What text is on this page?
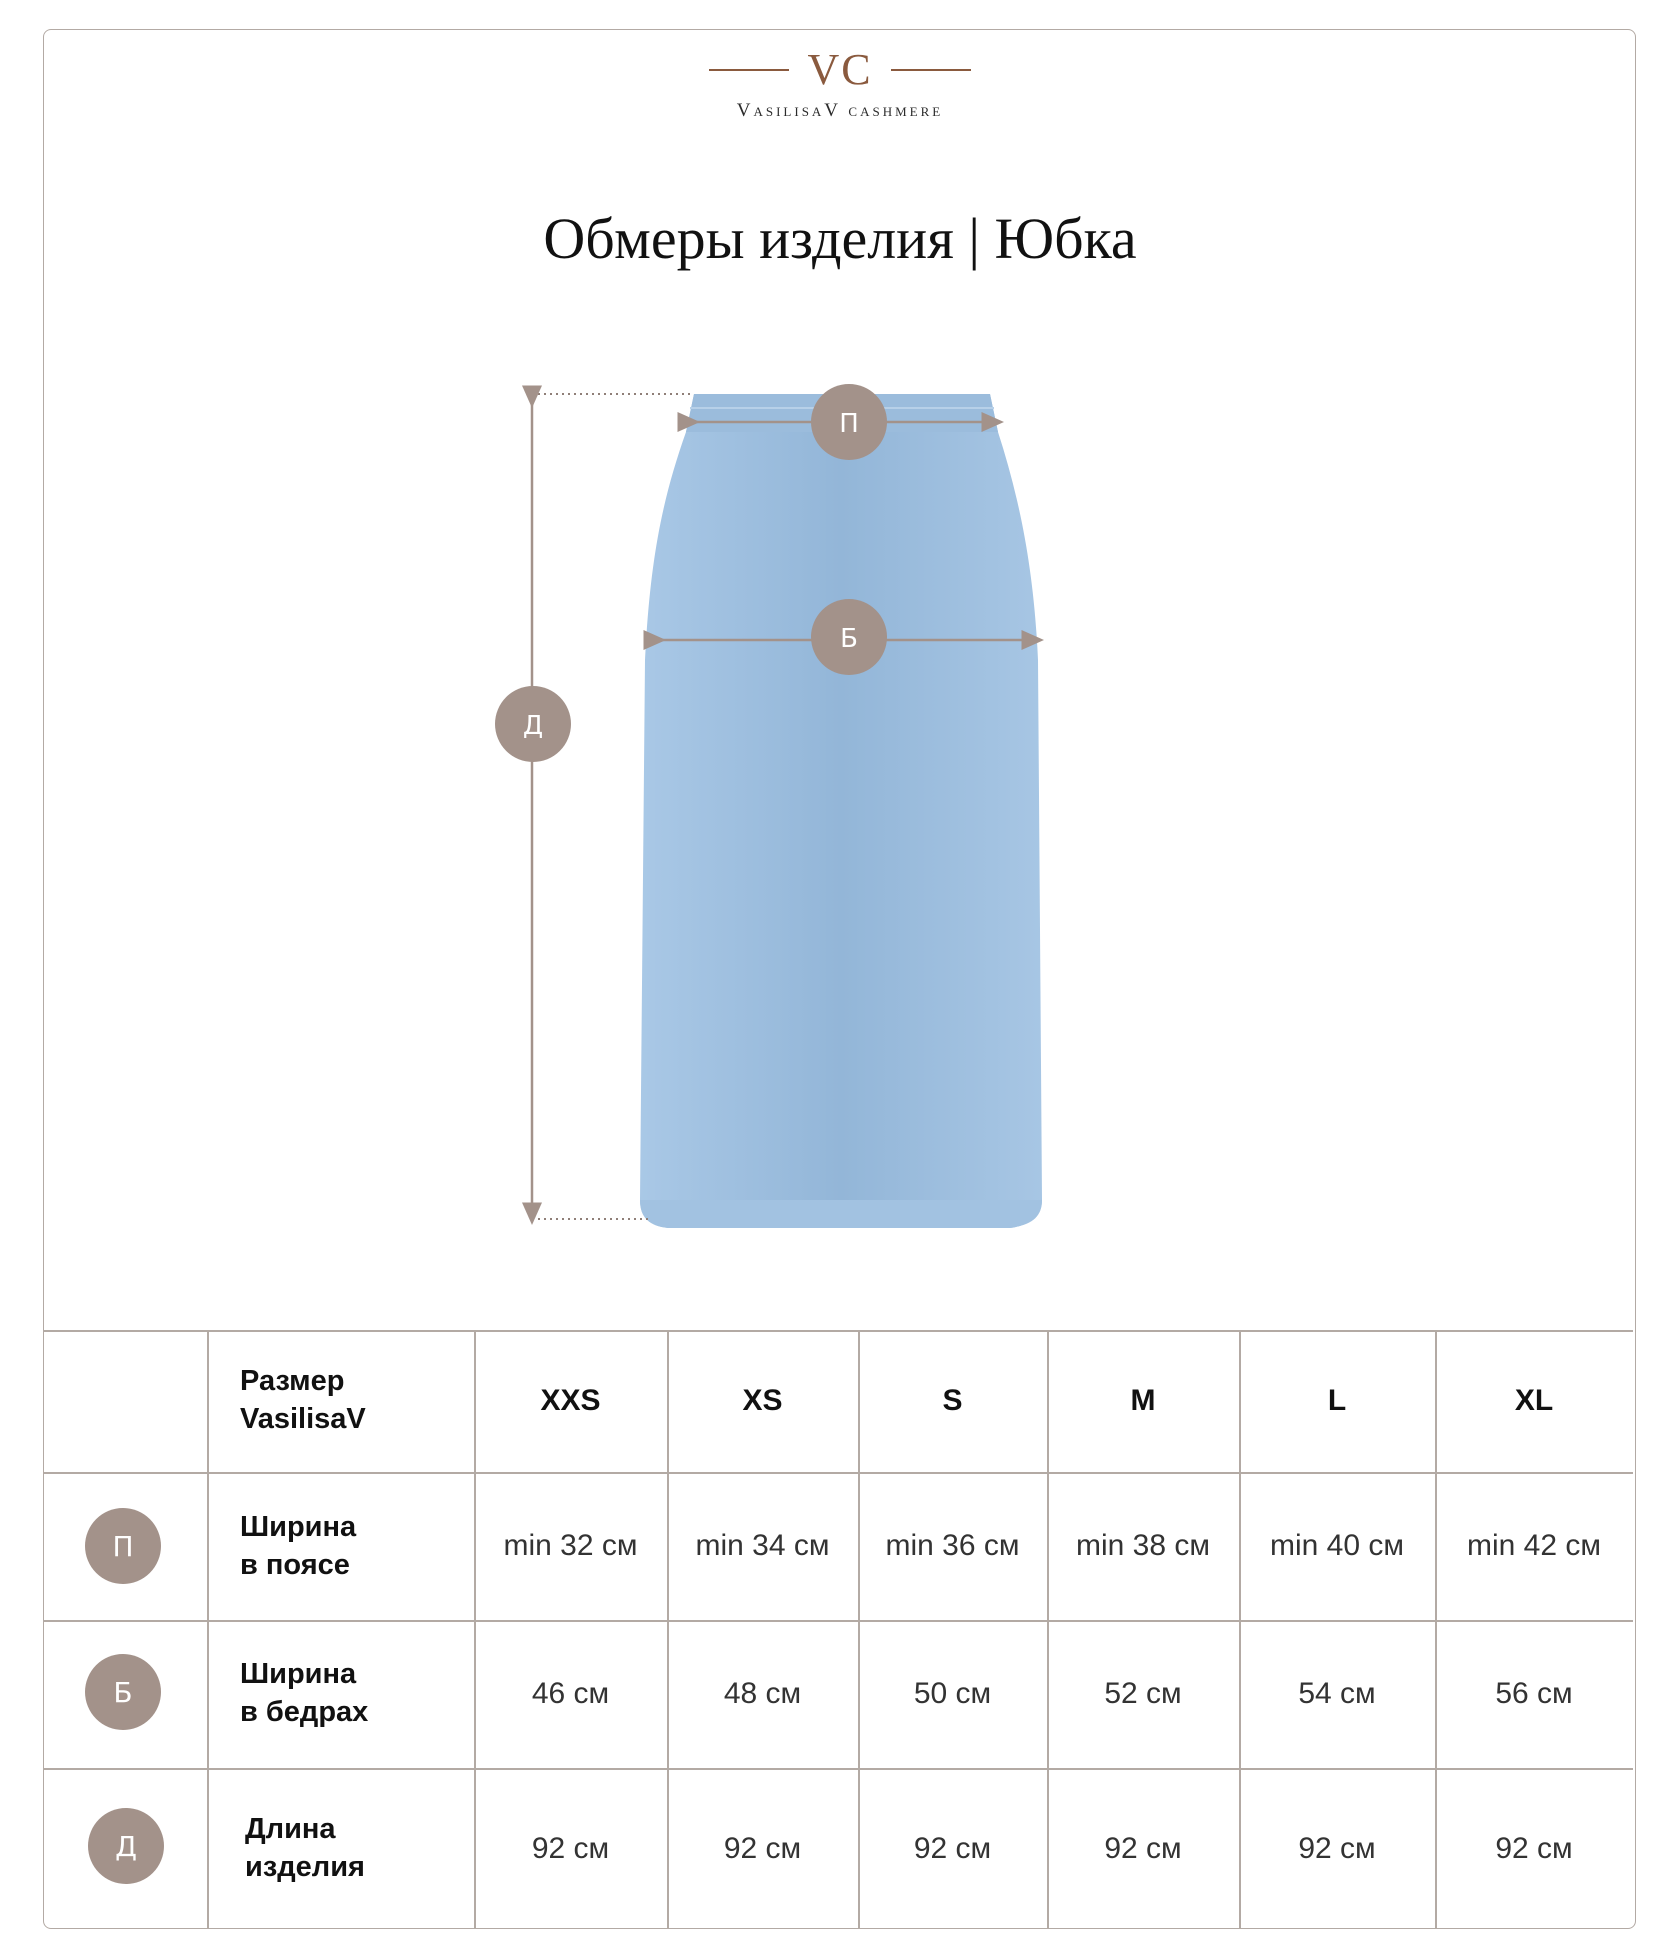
VC
VasilisaV cashmere
Обмеры изделия | Юбка
П
Б
Д
Размер
VasilisaV
XXS	XS	S	M	L	XL
П
Ширина
в поясе
min 32 см	min 34 см	min 36 см	min 38 см	min 40 см	min 42 см
Б
Ширина
в бедрах
46 см	48 см	50 см	52 см	54 см	56 см
Д
Длина
изделия
92 см	92 см	92 см	92 см	92 см	92 см
